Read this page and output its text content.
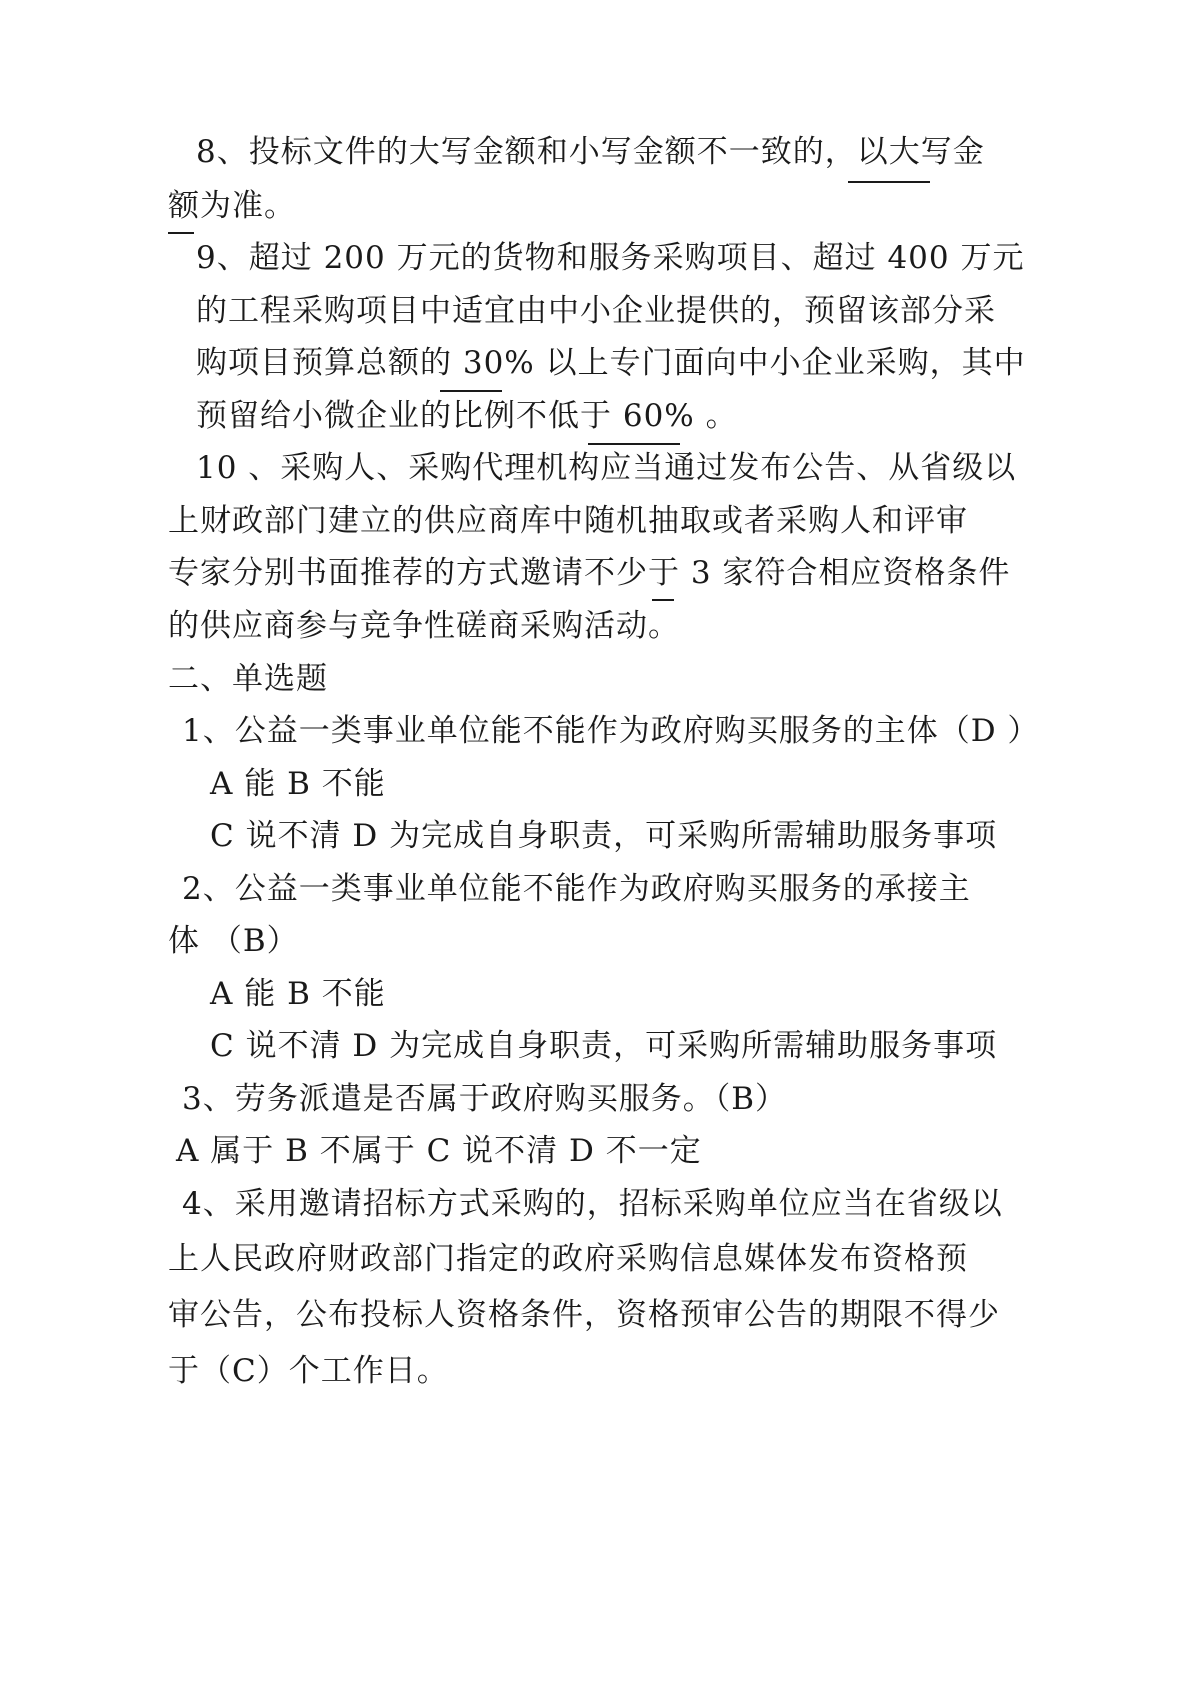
8、投标文件的大写金额和小写金额不一致的，以大写金
额为准。
9、超过 200 万元的货物和服务采购项目、超过 400 万元
的工程采购项目中适宜由中小企业提供的，预留该部分采
购项目预算总额的 30% 以上专门面向中小企业采购，其中
预留给小微企业的比例不低于 60% 。
10 、采购人、采购代理机构应当通过发布公告、从省级以
上财政部门建立的供应商库中随机抽取或者采购人和评审
专家分别书面推荐的方式邀请不少于 3 家符合相应资格条件
的供应商参与竞争性磋商采购活动。
二、单选题
1、公益一类事业单位能不能作为政府购买服务的主体（D ）
A 能 B 不能
C 说不清 D 为完成自身职责，可采购所需辅助服务事项
2、公益一类事业单位能不能作为政府购买服务的承接主
体 （B）
A 能 B 不能
C 说不清 D 为完成自身职责，可采购所需辅助服务事项
3、劳务派遣是否属于政府购买服务。（B）
A 属于 B 不属于 C 说不清 D 不一定
4、采用邀请招标方式采购的，招标采购单位应当在省级以
上人民政府财政部门指定的政府采购信息媒体发布资格预
审公告，公布投标人资格条件，资格预审公告的期限不得少
于（C）个工作日。
